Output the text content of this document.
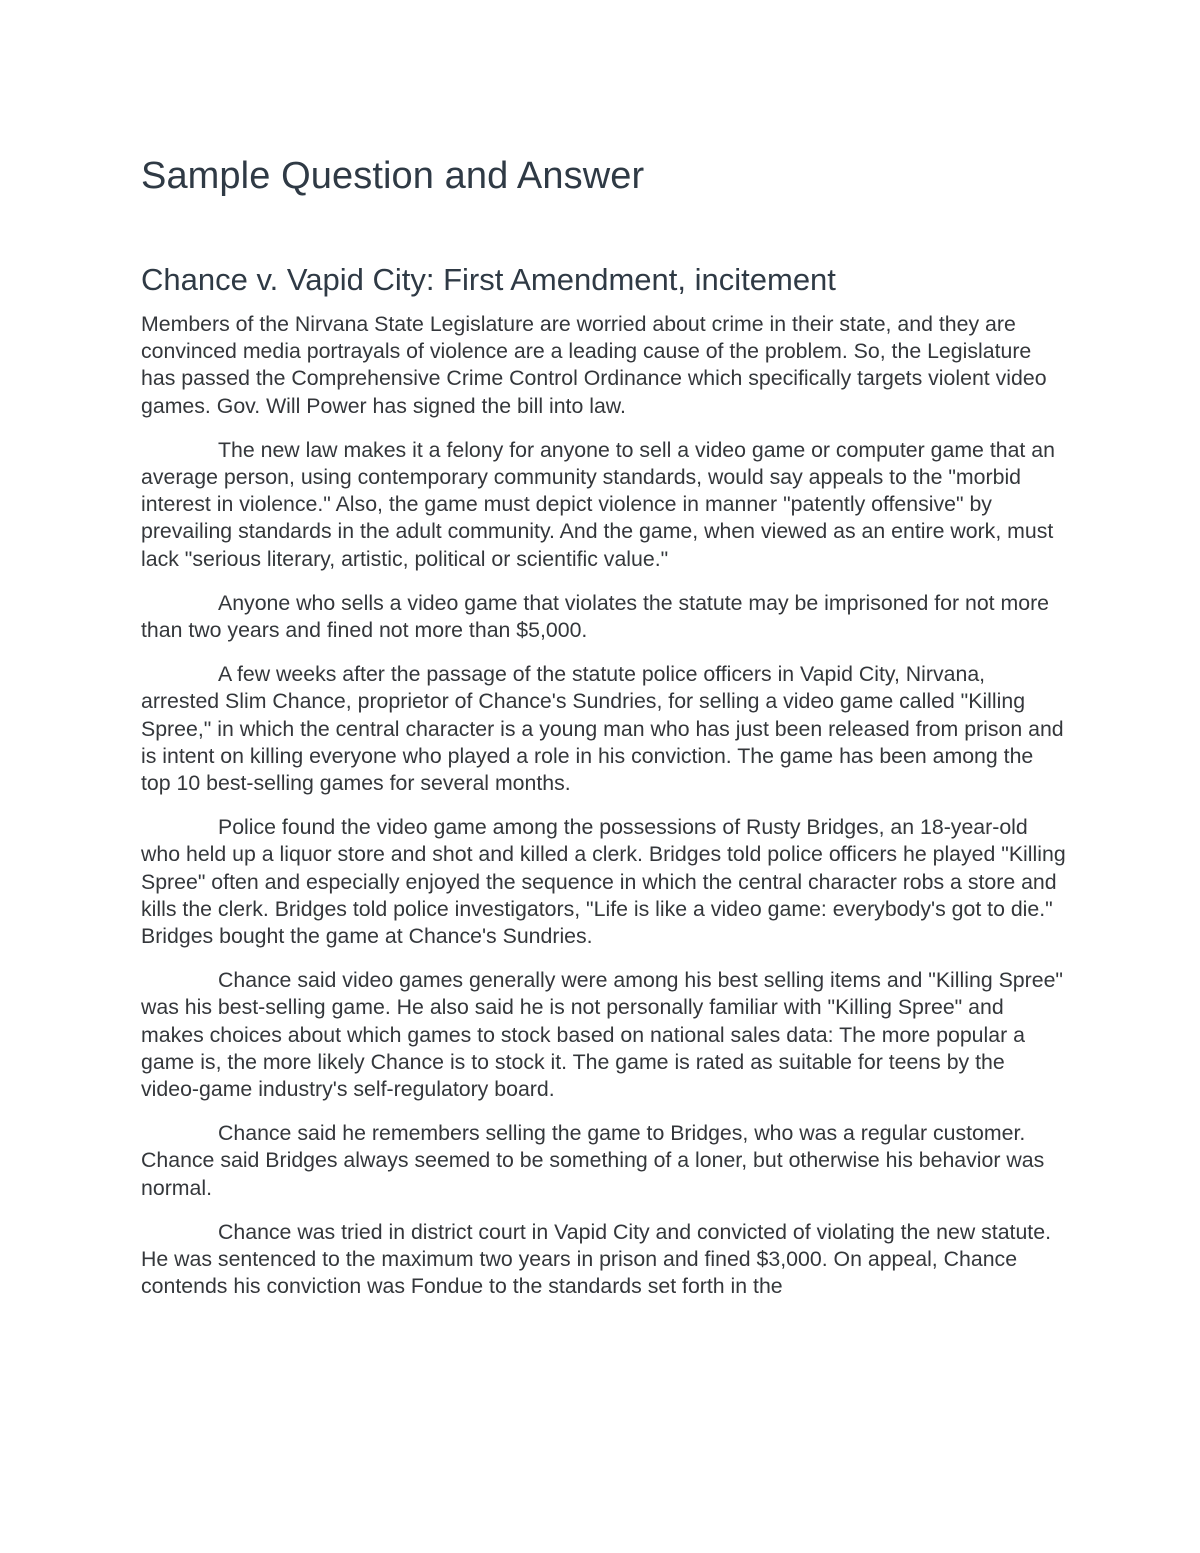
Sample Question and Answer
Chance v. Vapid City: First Amendment, incitement

Members of the Nirvana State Legislature are worried about crime in their state, and they are convinced media portrayals of violence are a leading cause of the problem. So, the Legislature has passed the Comprehensive Crime Control Ordinance which specifically targets violent video games. Gov. Will Power has signed the bill into law.

The new law makes it a felony for anyone to sell a video game or computer game that an average person, using contemporary community standards, would say appeals to the "morbid interest in violence." Also, the game must depict violence in manner "patently offensive" by prevailing standards in the adult community. And the game, when viewed as an entire work, must lack "serious literary, artistic, political or scientific value."

Anyone who sells a video game that violates the statute may be imprisoned for not more than two years and fined not more than $5,000.

A few weeks after the passage of the statute police officers in Vapid City, Nirvana, arrested Slim Chance, proprietor of Chance's Sundries, for selling a video game called "Killing Spree," in which the central character is a young man who has just been released from prison and is intent on killing everyone who played a role in his conviction. The game has been among the top 10 best-selling games for several months.

Police found the video game among the possessions of Rusty Bridges, an 18-year-old who held up a liquor store and shot and killed a clerk. Bridges told police officers he played "Killing Spree" often and especially enjoyed the sequence in which the central character robs a store and kills the clerk. Bridges told police investigators, "Life is like a video game: everybody's got to die." Bridges bought the game at Chance's Sundries.

Chance said video games generally were among his best selling items and "Killing Spree" was his best-selling game. He also said he is not personally familiar with "Killing Spree" and makes choices about which games to stock based on national sales data: The more popular a game is, the more likely Chance is to stock it. The game is rated as suitable for teens by the video-game industry's self-regulatory board.

Chance said he remembers selling the game to Bridges, who was a regular customer. Chance said Bridges always seemed to be something of a loner, but otherwise his behavior was normal.

Chance was tried in district court in Vapid City and convicted of violating the new statute. He was sentenced to the maximum two years in prison and fined $3,000. On appeal, Chance contends his conviction was Fondue to the standards set forth in the
